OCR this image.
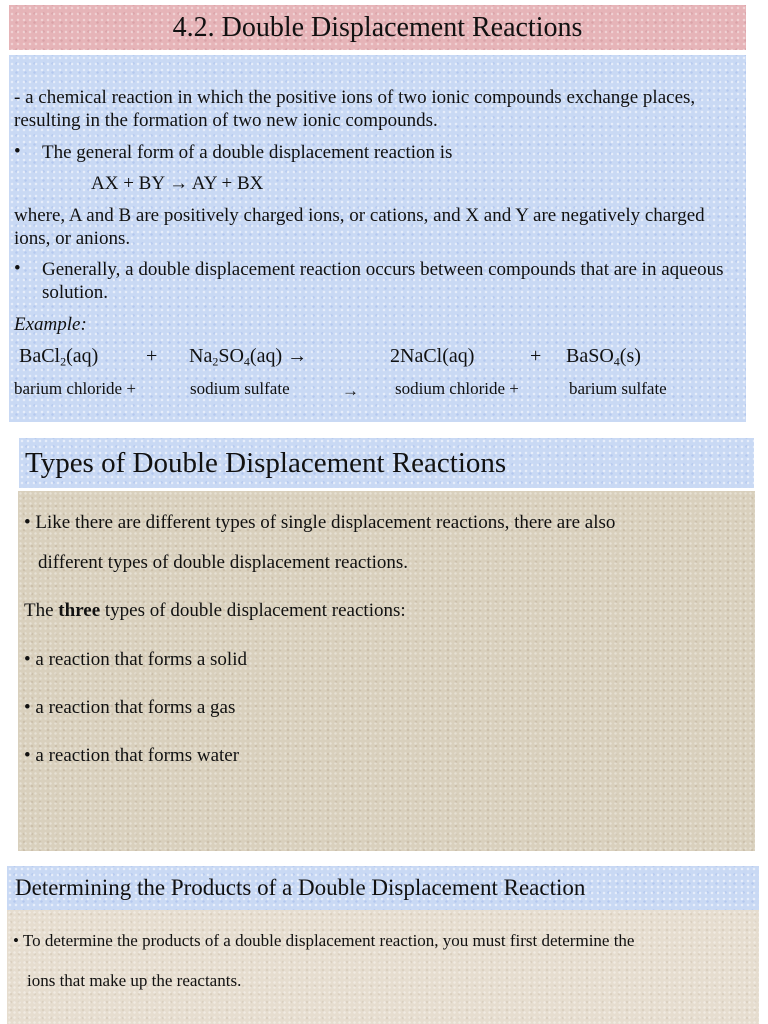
4.2. Double Displacement Reactions
- a chemical reaction in which the positive ions of two ionic compounds exchange places, resulting in the formation of two new ionic compounds.
• The general form of a double displacement reaction is
AX + BY → AY + BX
where, A and B are positively charged ions, or cations, and X and Y are negatively charged ions, or anions.
• Generally, a double displacement reaction occurs between compounds that are in aqueous solution.
Example:
BaCl$_2$(aq) + $Na_2SO_4(aq)$ →	2NaCl(aq)	+ BaSO$_4$(s)
barium chloride +	sodium sulfate	→ sodium chloride +	barium sulfate
Types of Double Displacement Reactions
• Like there are different types of single displacement reactions, there are also
different types of double displacement reactions.
The three types of double displacement reactions:
• a reaction that forms a solid
• a reaction that forms a gas
• a reaction that forms water
Determining the Products of a Double Displacement Reaction
• To determine the products of a double displacement reaction, you must first determine the
ions that make up the reactants.
